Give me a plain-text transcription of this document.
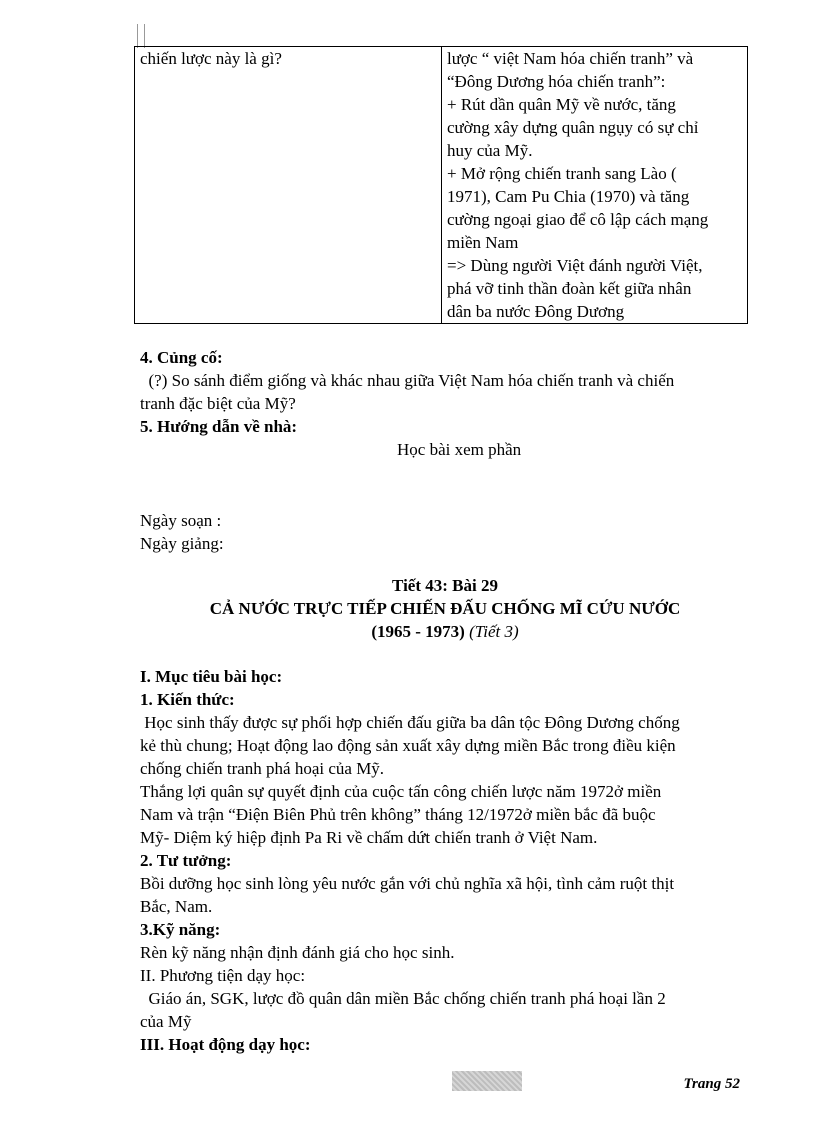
chiến lược này là gì?	lược “ việt Nam hóa chiến tranh” và
“Đông Dương hóa chiến tranh”:
+ Rút dần quân Mỹ về nước, tăng
cường xây dựng quân ngụy có sự chỉ
huy của Mỹ.
+ Mở rộng chiến tranh sang Lào (
1971), Cam Pu Chia (1970) và tăng
cường ngoại giao để cô lập cách mạng
miền Nam
=> Dùng người Việt đánh người Việt,
phá vỡ tinh thần đoàn kết giữa nhân
dân ba nước Đông Dương
4. Củng cố:
(?) So sánh điểm giống và khác nhau giữa Việt Nam hóa chiến tranh và chiến
tranh đặc biệt của Mỹ?
5. Hướng dẫn về nhà:
Học bài xem phần
Ngày soạn :
Ngày giảng:
Tiết 43: Bài 29
CẢ NƯỚC TRỰC TIẾP CHIẾN ĐẤU CHỐNG MĨ CỨU NƯỚC
(1965 - 1973) (Tiết 3)
I. Mục tiêu bài học:
1. Kiến thức:
Học sinh thấy được sự phối hợp chiến đấu giữa ba dân tộc Đông Dương chống
kẻ thù chung; Hoạt động lao động sản xuất xây dựng miền Bắc trong điều kiện
chống chiến tranh phá hoại của Mỹ.
Thắng lợi quân sự quyết định của cuộc tấn công chiến lược năm 1972ở miền
Nam và trận “Điện Biên Phủ trên không” tháng 12/1972ở miền bắc đã buộc
Mỹ- Diệm ký hiệp định Pa Ri về chấm dứt chiến tranh ở Việt Nam.
2. Tư tưởng:
Bồi dưỡng học sinh lòng yêu nước gắn với chủ nghĩa xã hội, tình cảm ruột thịt
Bắc, Nam.
3.Kỹ năng:
Rèn kỹ năng nhận định đánh giá cho học sinh.
II. Phương tiện dạy học:
Giáo án, SGK, lược đồ quân dân miền Bắc chống chiến tranh phá hoại lần 2
của Mỹ
III. Hoạt động dạy học:
Trang 52
